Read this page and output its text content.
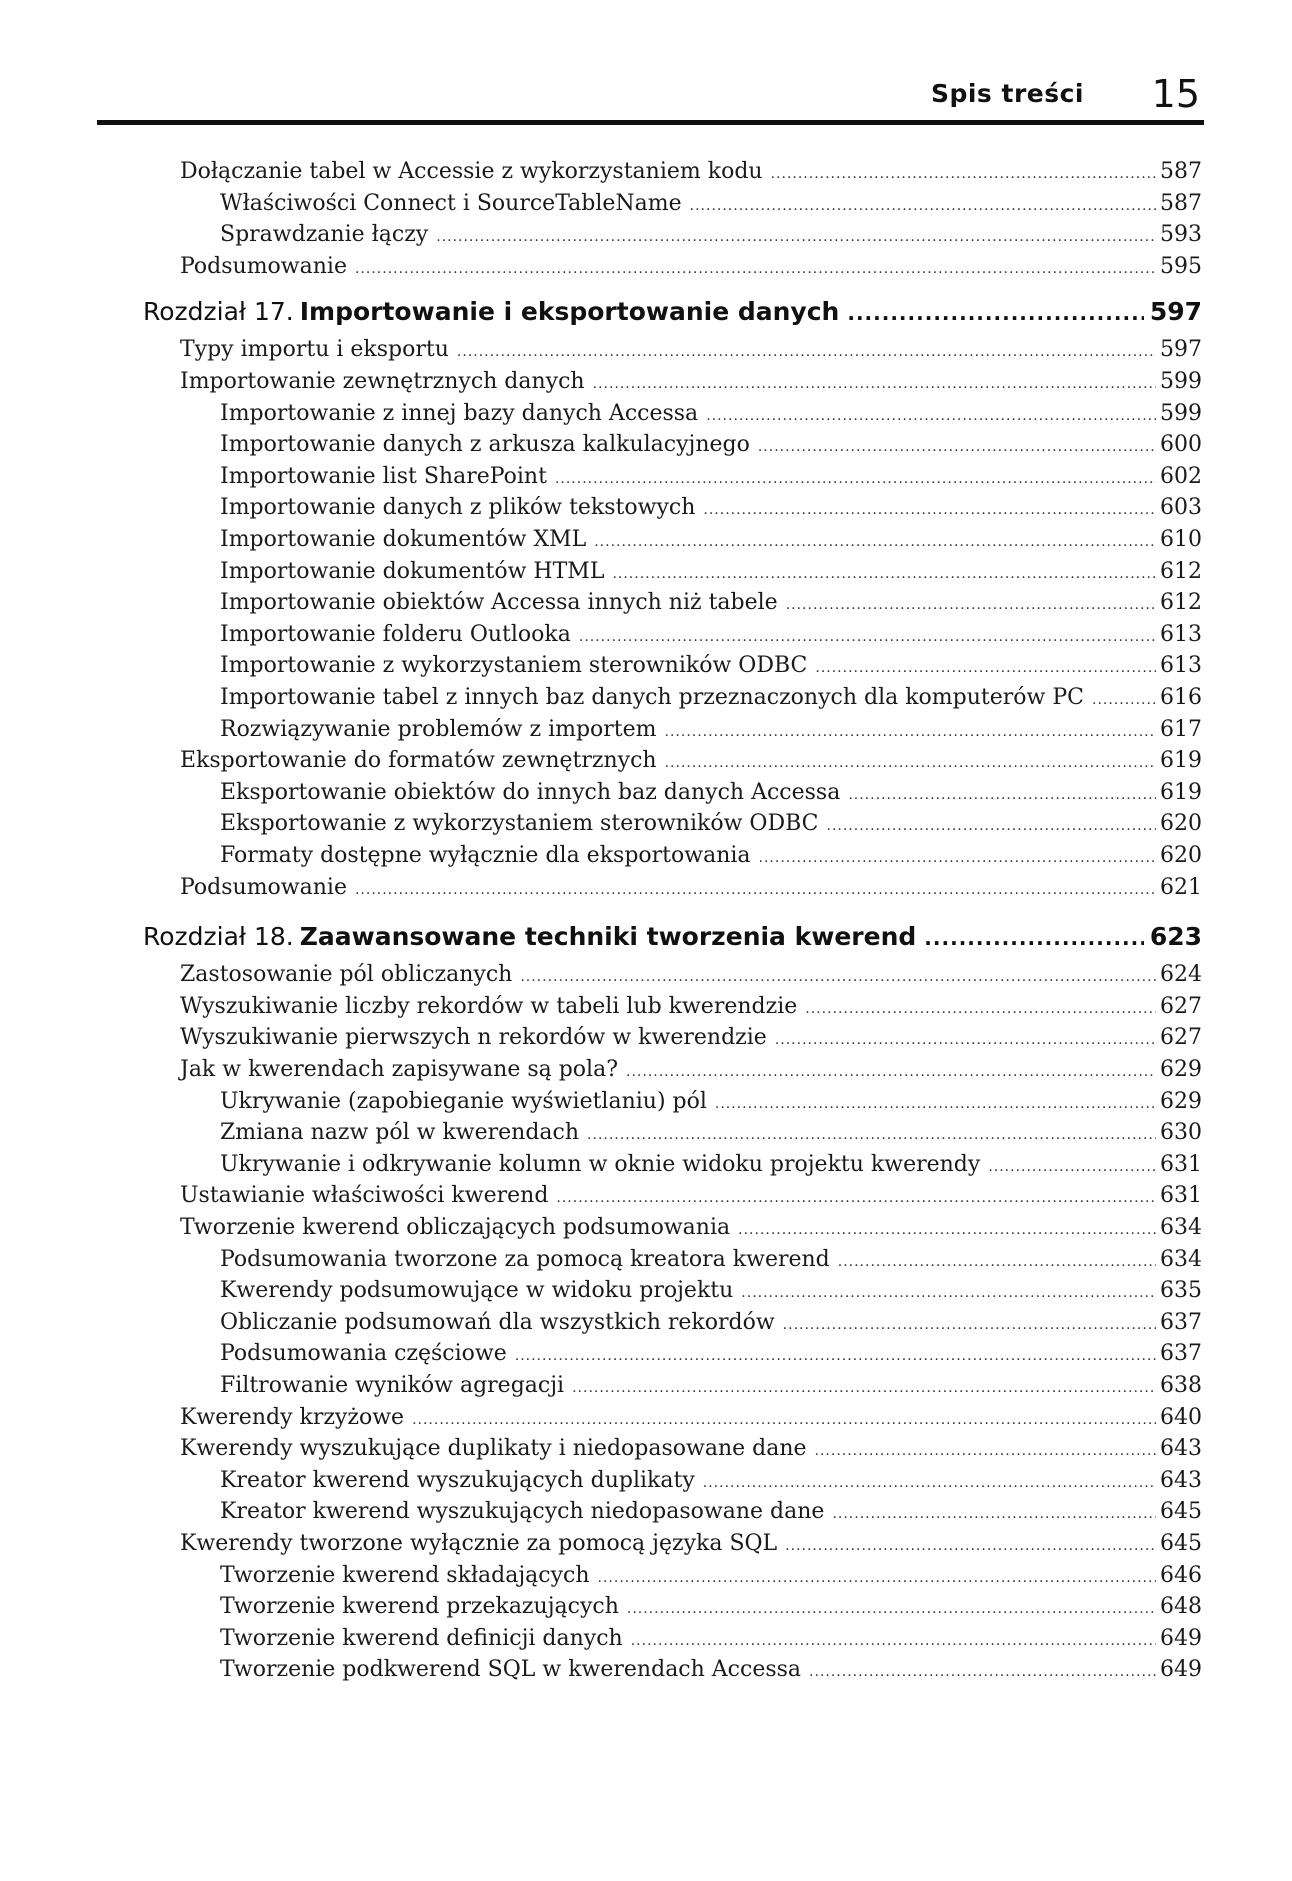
Spis treści 15
Dołączanie tabel w Accessie z wykorzystaniem kodu .....	587
Właściwości Connect i SourceTableName .....	587
Sprawdzanie łączy .....	593
Podsumowanie .....	595
Rozdział 17. Importowanie i eksportowanie danych .....	597
Typy importu i eksportu .....	597
Importowanie zewnętrznych danych .....	599
Importowanie z innej bazy danych Accessa .....	599
Importowanie danych z arkusza kalkulacyjnego .....	600
Importowanie list SharePoint .....	602
Importowanie danych z plików tekstowych .....	603
Importowanie dokumentów XML .....	610
Importowanie dokumentów HTML .....	612
Importowanie obiektów Accessa innych niż tabele .....	612
Importowanie folderu Outlooka .....	613
Importowanie z wykorzystaniem sterowników ODBC .....	613
Importowanie tabel z innych baz danych przeznaczonych dla komputerów PC .....	616
Rozwiązywanie problemów z importem .....	617
Eksportowanie do formatów zewnętrznych .....	619
Eksportowanie obiektów do innych baz danych Accessa .....	619
Eksportowanie z wykorzystaniem sterowników ODBC .....	620
Formaty dostępne wyłącznie dla eksportowania .....	620
Podsumowanie .....	621
Rozdział 18. Zaawansowane techniki tworzenia kwerend .....	623
Zastosowanie pól obliczanych .....	624
Wyszukiwanie liczby rekordów w tabeli lub kwerendzie .....	627
Wyszukiwanie pierwszych n rekordów w kwerendzie .....	627
Jak w kwerendach zapisywane są pola? .....	629
Ukrywanie (zapobieganie wyświetlaniu) pól .....	629
Zmiana nazw pól w kwerendach .....	630
Ukrywanie i odkrywanie kolumn w oknie widoku projektu kwerendy .....	631
Ustawianie właściwości kwerend .....	631
Tworzenie kwerend obliczających podsumowania .....	634
Podsumowania tworzone za pomocą kreatora kwerend .....	634
Kwerendy podsumowujące w widoku projektu .....	635
Obliczanie podsumowań dla wszystkich rekordów .....	637
Podsumowania częściowe .....	637
Filtrowanie wyników agregacji .....	638
Kwerendy krzyżowe .....	640
Kwerendy wyszukujące duplikaty i niedopasowane dane .....	643
Kreator kwerend wyszukujących duplikaty .....	643
Kreator kwerend wyszukujących niedopasowane dane .....	645
Kwerendy tworzone wyłącznie za pomocą języka SQL .....	645
Tworzenie kwerend składających .....	646
Tworzenie kwerend przekazujących .....	648
Tworzenie kwerend definicji danych .....	649
Tworzenie podkwerend SQL w kwerendach Accessa .....	649
